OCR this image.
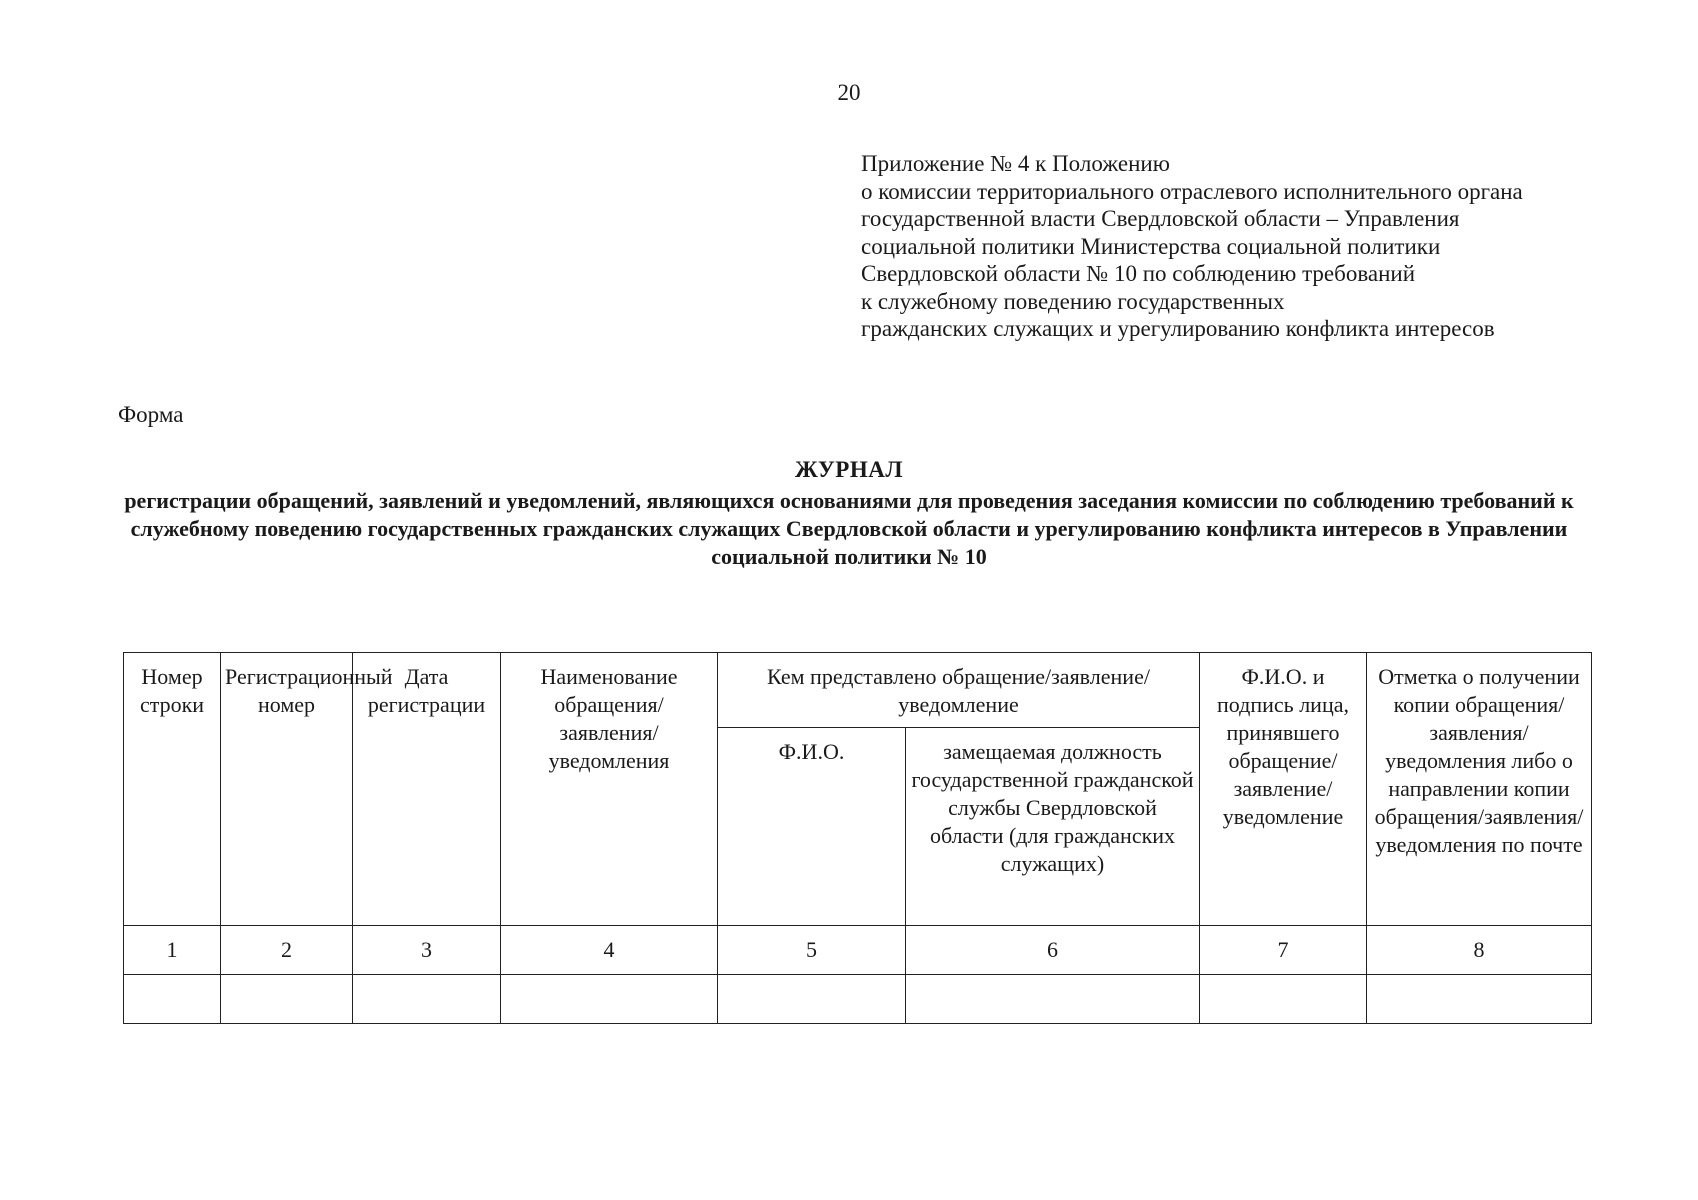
20
Приложение № 4 к Положению
о комиссии территориального отраслевого исполнительного органа
государственной власти Свердловской области – Управления
социальной политики Министерства социальной политики
Свердловской области № 10 по соблюдению требований
к служебному поведению государственных
гражданских служащих и урегулированию конфликта интересов
Форма
ЖУРНАЛ
регистрации обращений, заявлений и уведомлений, являющихся основаниями для проведения заседания комиссии по соблюдению требований к служебному поведению государственных гражданских служащих Свердловской области и урегулированию конфликта интересов в Управлении социальной политики № 10
Номер строки	Регистрационный номер	Дата регистрации	Наименование обращения/заявления/уведомления	Кем представлено обращение/заявление/уведомление		Ф.И.О. и подпись лица, принявшего обращение/заявление/уведомление	Отметка о получении копии обращения/заявления/уведомления либо о направлении копии обращения/заявления/уведомления по почте
				Ф.И.О.	замещаемая должность государственной гражданской службы Свердловской области (для гражданских служащих)		
1	2	3	4	5	6	7	8
